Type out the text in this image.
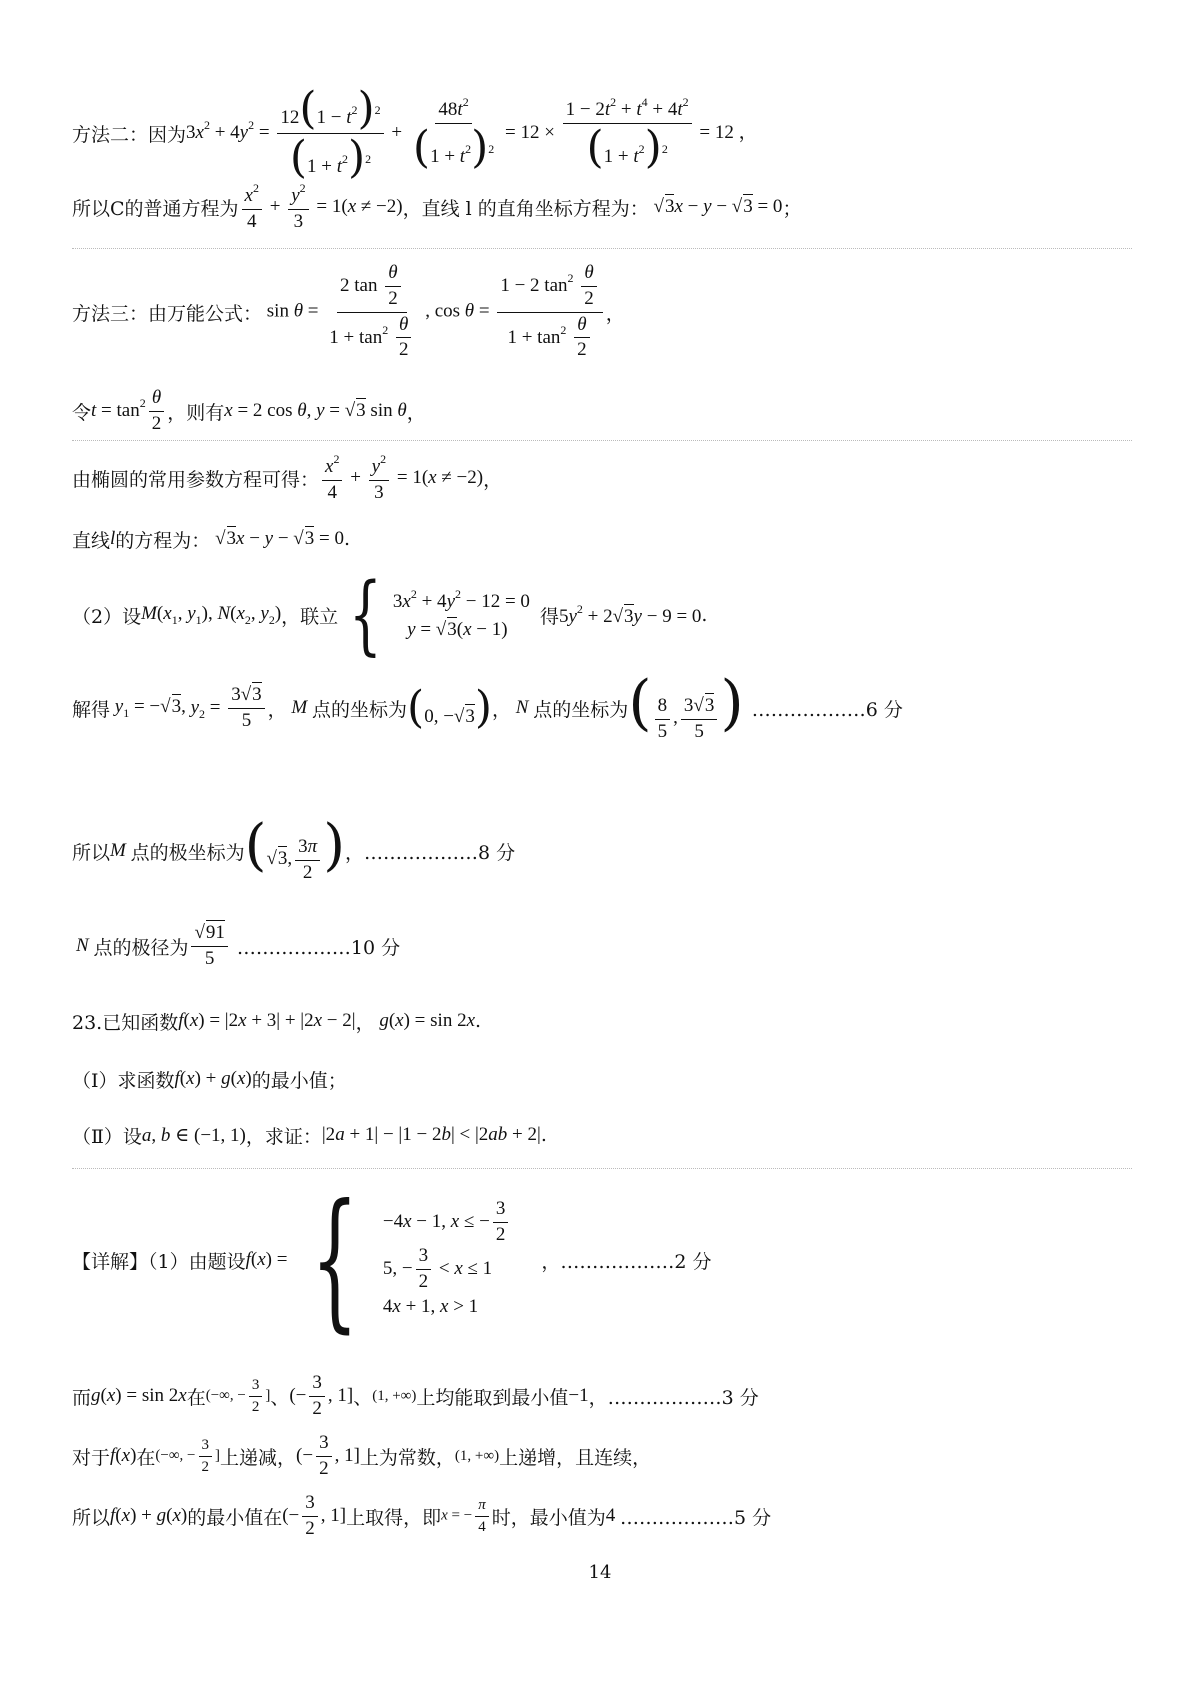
方法二：因为 $3x^2 + 4y^2 = \frac{12(1 - t^2)^2}{(1 + t^2)^2} + \frac{48t^2}{(1 + t^2)^2} = 12 \times \frac{1 - 2t^2 + t^4 + 4t^2}{(1 + t^2)^2} = 12$ ，
所以C的普通方程为 $\frac{x^2}{4} + \frac{y^2}{3} = 1(x \ne -2)$ ，直线 l 的直角坐标方程为： √3x − y − √3 = 0 ；
方法三：由万能公式： $\sin \theta = \frac{2 \tan \frac{\theta}{2}}{1 + \tan^2 \frac{\theta}{2}}$ , $\cos \theta = \frac{1 - 2 \tan^2 \frac{\theta}{2}}{1 + \tan^2 \frac{\theta}{2}}$ ，
令 $t = \tan^2 \frac{\theta}{2}$ ，则有 x = 2 cos θ, y = √3 sin θ ，
由椭圆的常用参数方程可得： $\frac{x^2}{4} + \frac{y^2}{3} = 1(x \ne -2)$ ，
直线 l 的方程为： √3x − y − √3 = 0 .
（2）设 $M(x_1$, $y_1$), $N(x_2$, $y_2$) ，联立 { $3x^2 + 4y^2 - 12 = 0$
y = √3(x − 1)
得 $5y^2 + 2√3y - 9 = 0$ .
解得 $y_1 = -√3$, $y_2 = \frac{3√3}{5}$ ， M 点的坐标为 (0, −√3) ， N 点的坐标为 ( $\frac{8}{5}$ , $\frac{3√3}{5}$ ) ………………6 分
所以 M 点的极坐标为 (√3, $\frac{3\pi}{2}$ ) ，………………8 分
N 点的极径为 $\frac{√91}{5}$ ………………10 分
23.已知函数 f(x) = |2x + 3| + |2x − 2| ， g(x) = sin 2x .
（Ⅰ）求函数 f(x) + g(x) 的最小值；
（Ⅱ）设 a, b ∈ (−1, 1) ，求证： |2a + 1| − |1 − 2b| < |2ab + 2| .
【详解】（1）由题设 f(x) = { −4x − 1, x ≤ − $\frac{3}{2}$
5, − $\frac{3}{2} < x \le 1$
4x + 1, x > 1
，………………2 分
而 g(x) = sin 2x 在 (−∞, − $\frac{3}{2}$ ] 、 (− $\frac{3}{2}$ , 1] 、 (1, +∞) 上均能取到最小值 −1 ，………………3 分
对于 f(x) 在 (−∞, − $\frac{3}{2}$ ] 上递减， (− $\frac{3}{2}$ , 1] 上为常数， (1, +∞) 上递增，且连续，
所以 f(x) + g(x) 的最小值在 (− $\frac{3}{2}$ , 1] 上取得，即 x = − $\frac{\pi}{4}$ 时，最小值为 4 ………………5 分
14
